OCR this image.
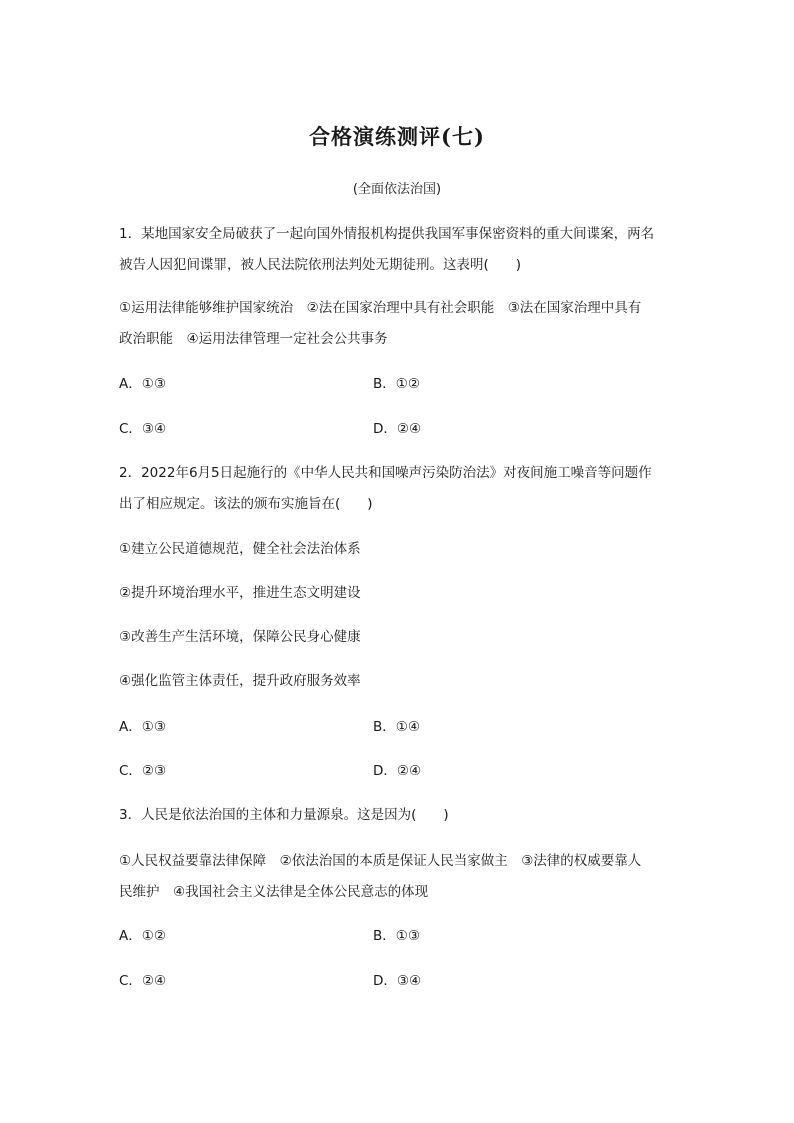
合格演练测评(七)
(全面依法治国)
1．某地国家安全局破获了一起向国外情报机构提供我国军事保密资料的重大间谍案，两名
被告人因犯间谍罪，被人民法院依刑法判处无期徒刑。这表明(　　)
①运用法律能够维护国家统治　②法在国家治理中具有社会职能　③法在国家治理中具有
政治职能　④运用法律管理一定社会公共事务
A．①③	B．①②
C．③④	D．②④
2．2022年6月5日起施行的《中华人民共和国噪声污染防治法》对夜间施工噪音等问题作
出了相应规定。该法的颁布实施旨在(　　)
①建立公民道德规范，健全社会法治体系
②提升环境治理水平，推进生态文明建设
③改善生产生活环境，保障公民身心健康
④强化监管主体责任，提升政府服务效率
A．①③	B．①④
C．②③	D．②④
3．人民是依法治国的主体和力量源泉。这是因为(　　)
①人民权益要靠法律保障　②依法治国的本质是保证人民当家做主　③法律的权威要靠人
民维护　④我国社会主义法律是全体公民意志的体现
A．①②	B．①③
C．②④	D．③④
